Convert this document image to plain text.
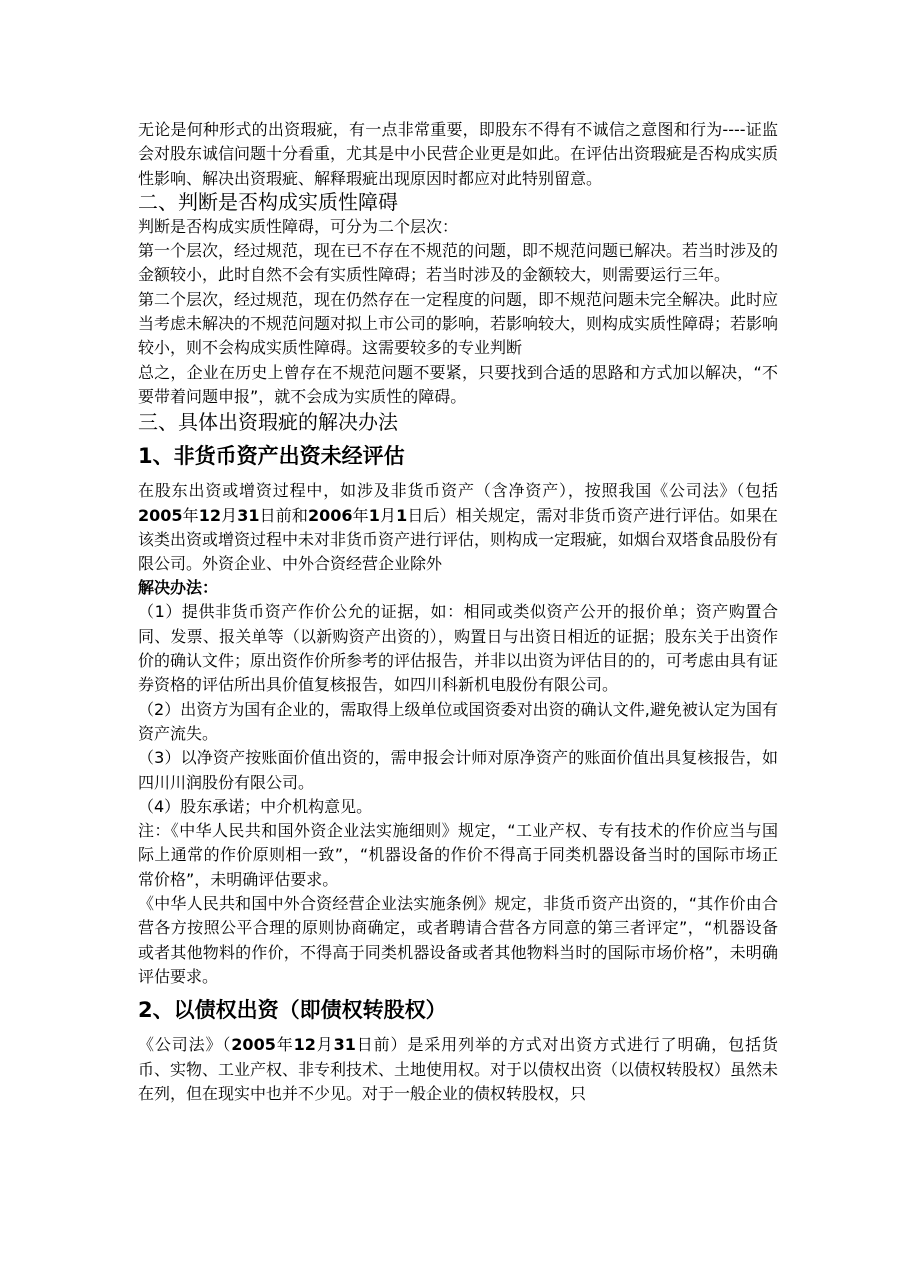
无论是何种形式的出资瑕疵，有一点非常重要，即股东不得有不诚信之意图和行为----证监会对股东诚信问题十分看重，尤其是中小民营企业更是如此。在评估出资瑕疵是否构成实质性影响、解决出资瑕疵、解释瑕疵出现原因时都应对此特别留意。

二、判断是否构成实质性障碍

判断是否构成实质性障碍，可分为二个层次：

第一个层次，经过规范，现在已不存在不规范的问题，即不规范问题已解决。若当时涉及的金额较小，此时自然不会有实质性障碍；若当时涉及的金额较大，则需要运行三年。

第二个层次，经过规范，现在仍然存在一定程度的问题，即不规范问题未完全解决。此时应当考虑未解决的不规范问题对拟上市公司的影响，若影响较大，则构成实质性障碍；若影响较小，则不会构成实质性障碍。这需要较多的专业判断

总之，企业在历史上曾存在不规范问题不要紧，只要找到合适的思路和方式加以解决，“不要带着问题申报”，就不会成为实质性的障碍。

三、具体出资瑕疵的解决办法
1、非货币资产出资未经评估

在股东出资或增资过程中，如涉及非货币资产（含净资产），按照我国《公司法》（包括2005年12月31日前和2006年1月1日后）相关规定，需对非货币资产进行评估。如果在该类出资或增资过程中未对非货币资产进行评估，则构成一定瑕疵，如烟台双塔食品股份有限公司。外资企业、中外合资经营企业除外

解决办法：

（1）提供非货币资产作价公允的证据，如：相同或类似资产公开的报价单；资产购置合同、发票、报关单等（以新购资产出资的），购置日与出资日相近的证据；股东关于出资作价的确认文件；原出资作价所参考的评估报告，并非以出资为评估目的的，可考虑由具有证券资格的评估所出具价值复核报告，如四川科新机电股份有限公司。

（2）出资方为国有企业的，需取得上级单位或国资委对出资的确认文件,避免被认定为国有资产流失。

（3）以净资产按账面价值出资的，需申报会计师对原净资产的账面价值出具复核报告，如四川川润股份有限公司。

（4）股东承诺；中介机构意见。

注：《中华人民共和国外资企业法实施细则》规定，“工业产权、专有技术的作价应当与国际上通常的作价原则相一致”，“机器设备的作价不得高于同类机器设备当时的国际市场正常价格”，未明确评估要求。

《中华人民共和国中外合资经营企业法实施条例》规定，非货币资产出资的，“其作价由合营各方按照公平合理的原则协商确定，或者聘请合营各方同意的第三者评定”，“机器设备或者其他物料的作价，不得高于同类机器设备或者其他物料当时的国际市场价格”，未明确评估要求。

2、以债权出资（即债权转股权）

《公司法》（2005年12月31日前）是采用列举的方式对出资方式进行了明确，包括货币、实物、工业产权、非专利技术、土地使用权。对于以债权出资（以债权转股权）虽然未在列，但在现实中也并不少见。对于一般企业的债权转股权，只
